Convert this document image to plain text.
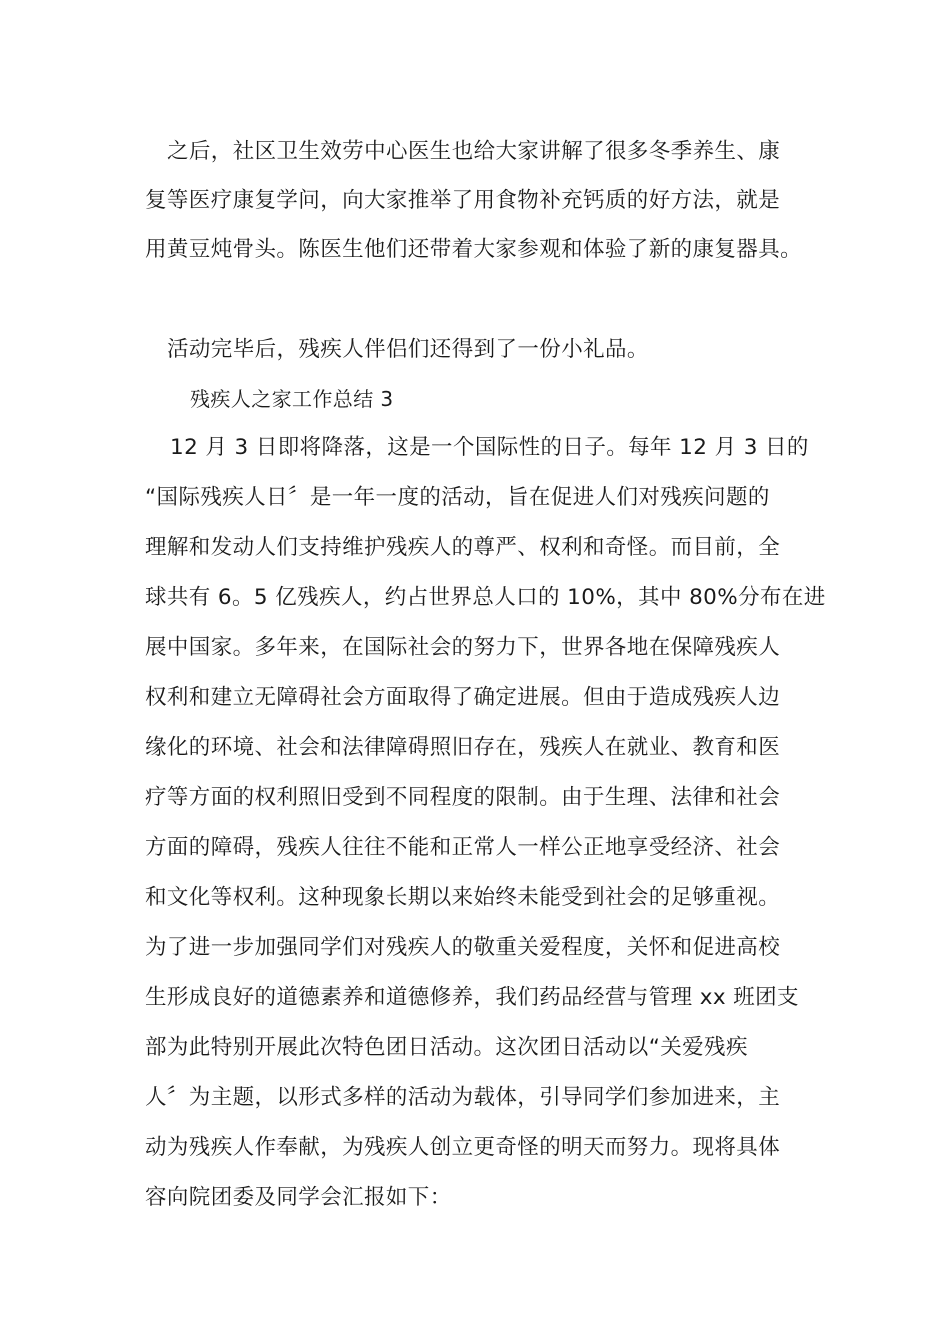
之后，社区卫生效劳中心医生也给大家讲解了很多冬季养生、康
复等医疗康复学问，向大家推举了用食物补充钙质的好方法，就是
用黄豆炖骨头。陈医生他们还带着大家参观和体验了新的康复器具。
活动完毕后，残疾人伴侣们还得到了一份小礼品。
残疾人之家工作总结 3
12 月 3 日即将降落，这是一个国际性的日子。每年 12 月 3 日的
“国际残疾人日〞是一年一度的活动，旨在促进人们对残疾问题的
理解和发动人们支持维护残疾人的尊严、权利和奇怪。而目前，全
球共有 6。5 亿残疾人，约占世界总人口的 10%，其中 80%分布在进
展中国家。多年来，在国际社会的努力下，世界各地在保障残疾人
权利和建立无障碍社会方面取得了确定进展。但由于造成残疾人边
缘化的环境、社会和法律障碍照旧存在，残疾人在就业、教育和医
疗等方面的权利照旧受到不同程度的限制。由于生理、法律和社会
方面的障碍，残疾人往往不能和正常人一样公正地享受经济、社会
和文化等权利。这种现象长期以来始终未能受到社会的足够重视。
为了进一步加强同学们对残疾人的敬重关爱程度，关怀和促进高校
生形成良好的道德素养和道德修养，我们药品经营与管理 xx 班团支
部为此特别开展此次特色团日活动。这次团日活动以“关爱残疾
人〞为主题，以形式多样的活动为载体，引导同学们参加进来，主
动为残疾人作奉献，为残疾人创立更奇怪的明天而努力。现将具体
容向院团委及同学会汇报如下：
